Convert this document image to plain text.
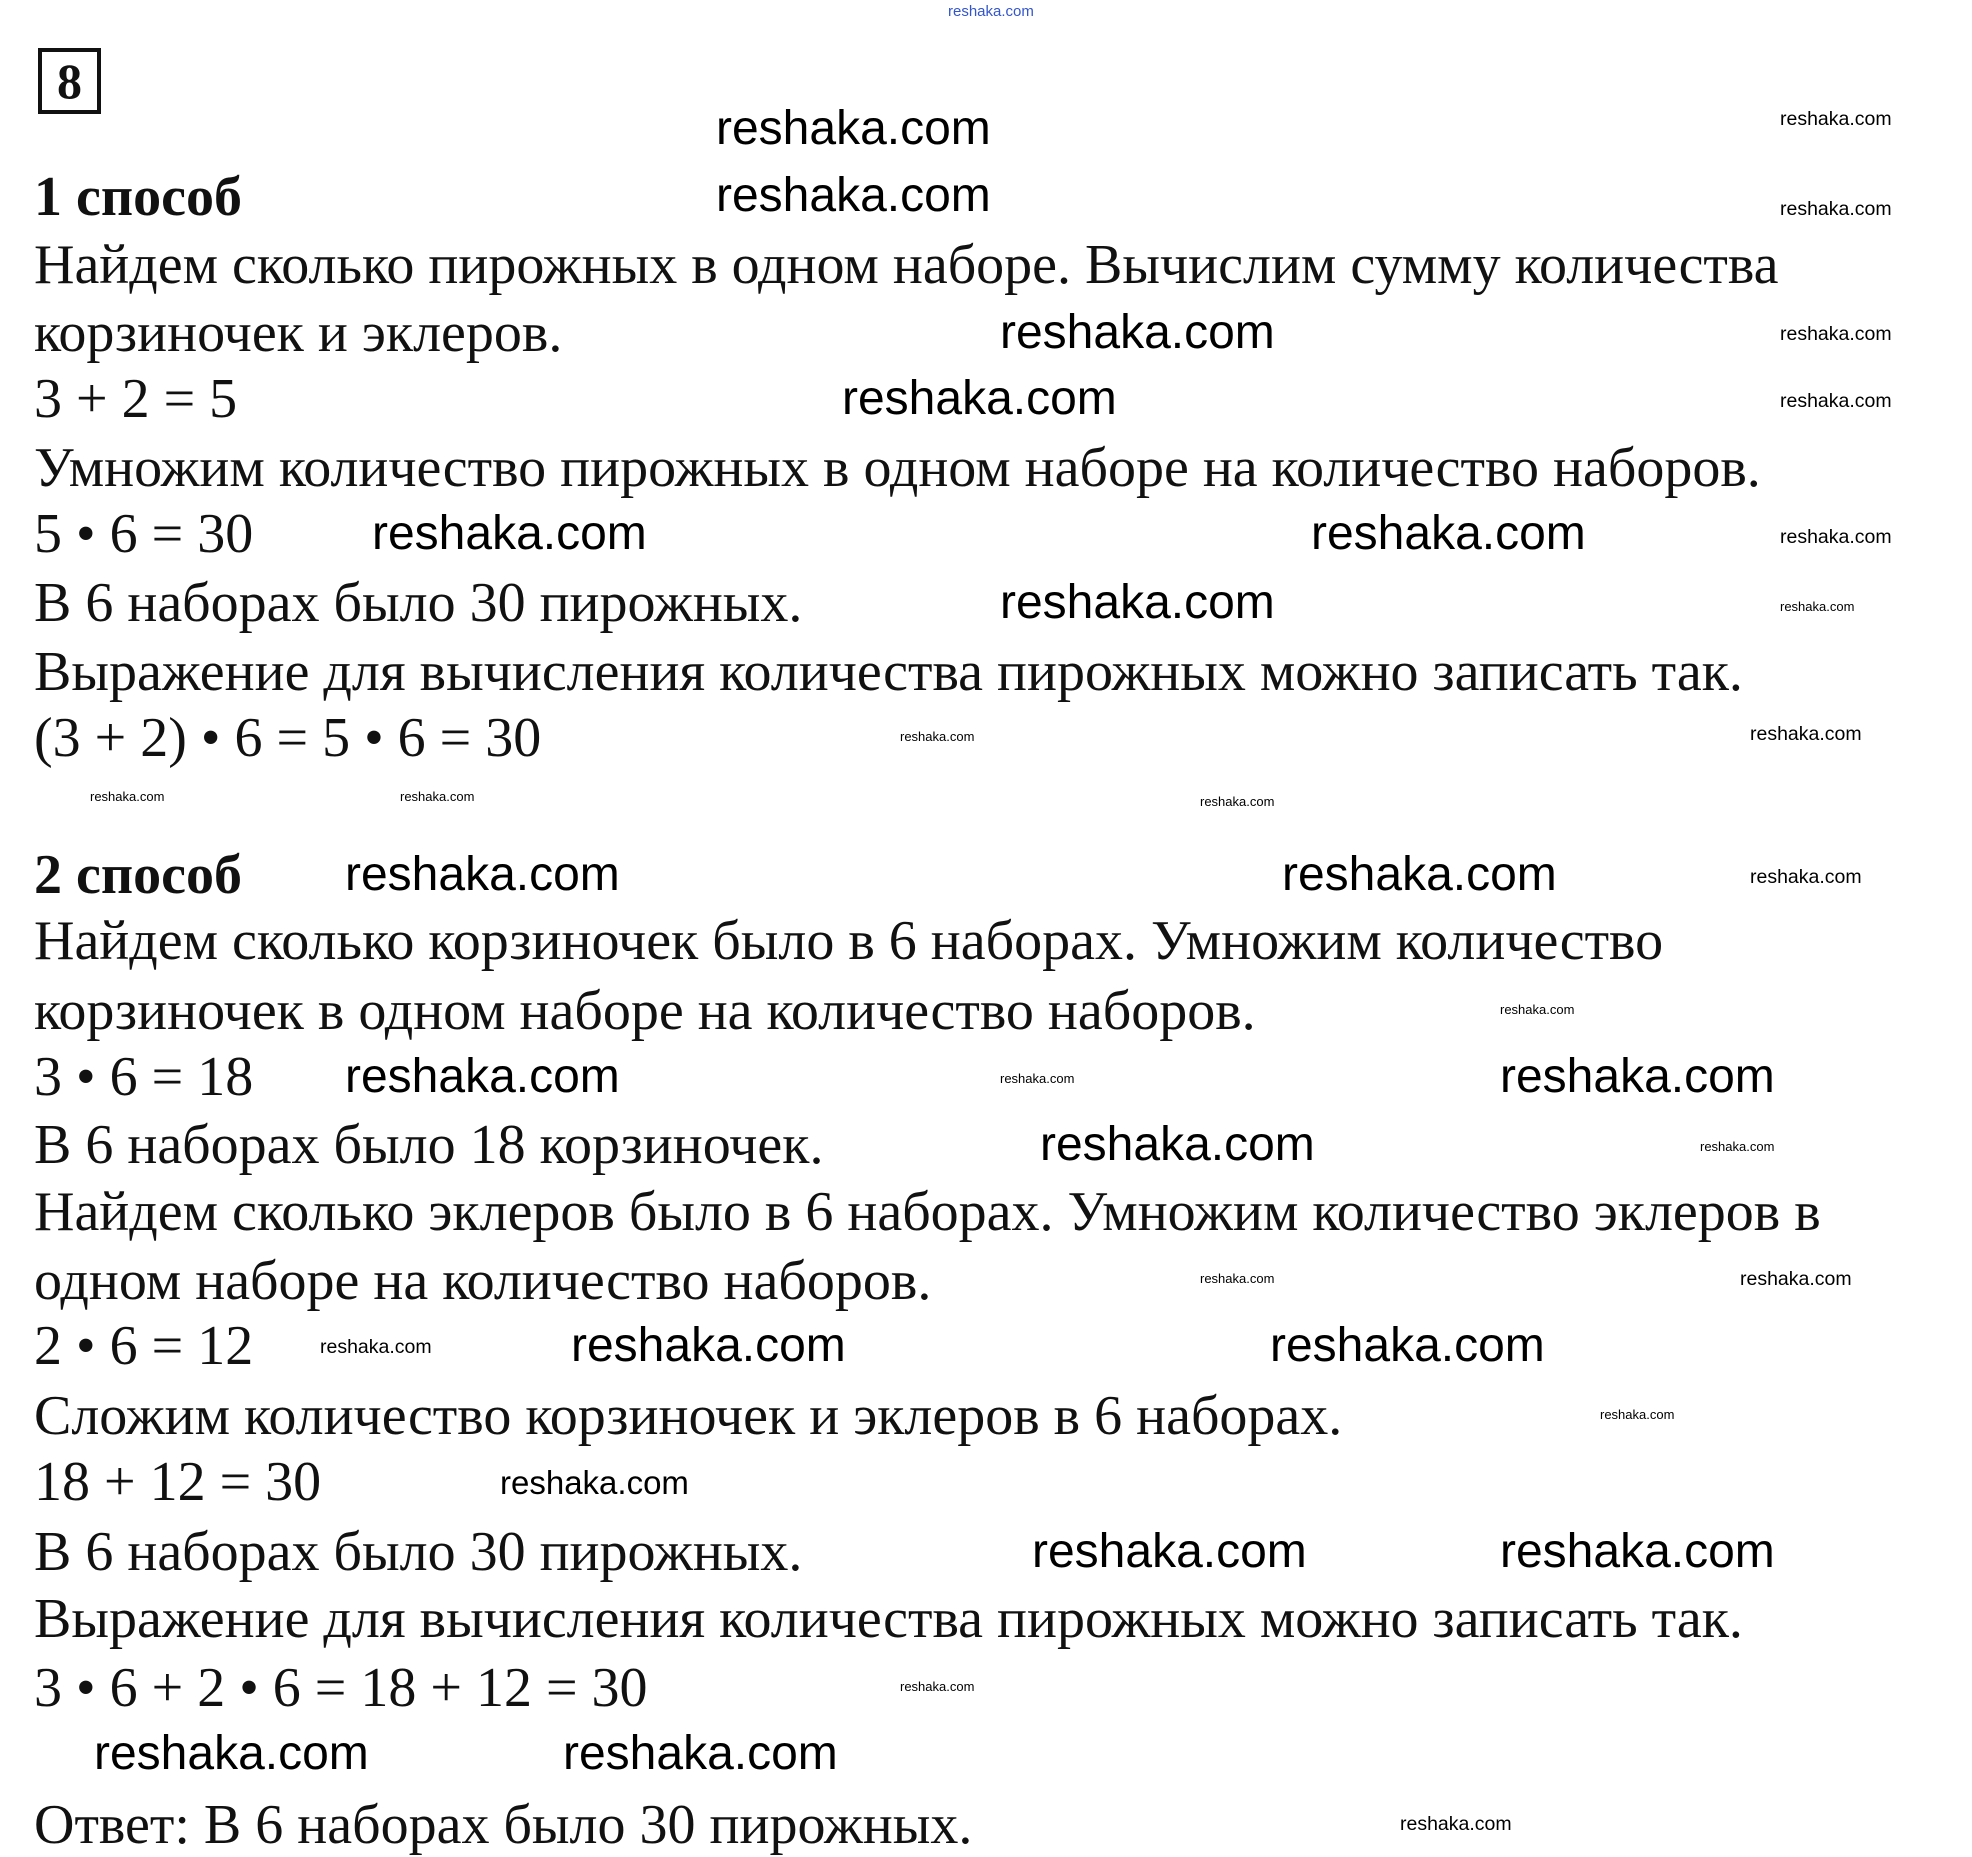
8
1 способ
Найдем сколько пирожных в одном наборе. Вычислим сумму количества
корзиночек и эклеров.
3 + 2 = 5
Умножим количество пирожных в одном наборе на количество наборов.
5 • 6 = 30
В 6 наборах было 30 пирожных.
Выражение для вычисления количества пирожных можно записать так.
(3 + 2) • 6 = 5 • 6 = 30
2 способ
Найдем сколько корзиночек было в 6 наборах. Умножим количество
корзиночек в одном наборе на количество наборов.
3 • 6 = 18
В 6 наборах было 18 корзиночек.
Найдем сколько эклеров было в 6 наборах. Умножим количество эклеров в
одном наборе на количество наборов.
2 • 6 = 12
Сложим количество корзиночек и эклеров в 6 наборах.
18 + 12 = 30
В 6 наборах было 30 пирожных.
Выражение для вычисления количества пирожных можно записать так.
3 • 6 + 2 • 6 = 18 + 12 = 30
Ответ: В 6 наборах было 30 пирожных.
reshaka.com	reshaka.com
reshaka.com	reshaka.com
reshaka.com	reshaka.com
reshaka.com	reshaka.com
reshaka.com	reshaka.com	reshaka.com
reshaka.com	reshaka.com
reshaka.com	reshaka.com
reshaka.com	reshaka.com	reshaka.com
reshaka.com	reshaka.com	reshaka.com
reshaka.com
reshaka.com	reshaka.com
reshaka.com
reshaka.com	reshaka.com
reshaka.com	reshaka.com
reshaka.com	reshaka.com
reshaka.com
reshaka.com
reshaka.com
reshaka.com	reshaka.com
reshaka.com
reshaka.com	reshaka.com
reshaka.com
reshaka.com
